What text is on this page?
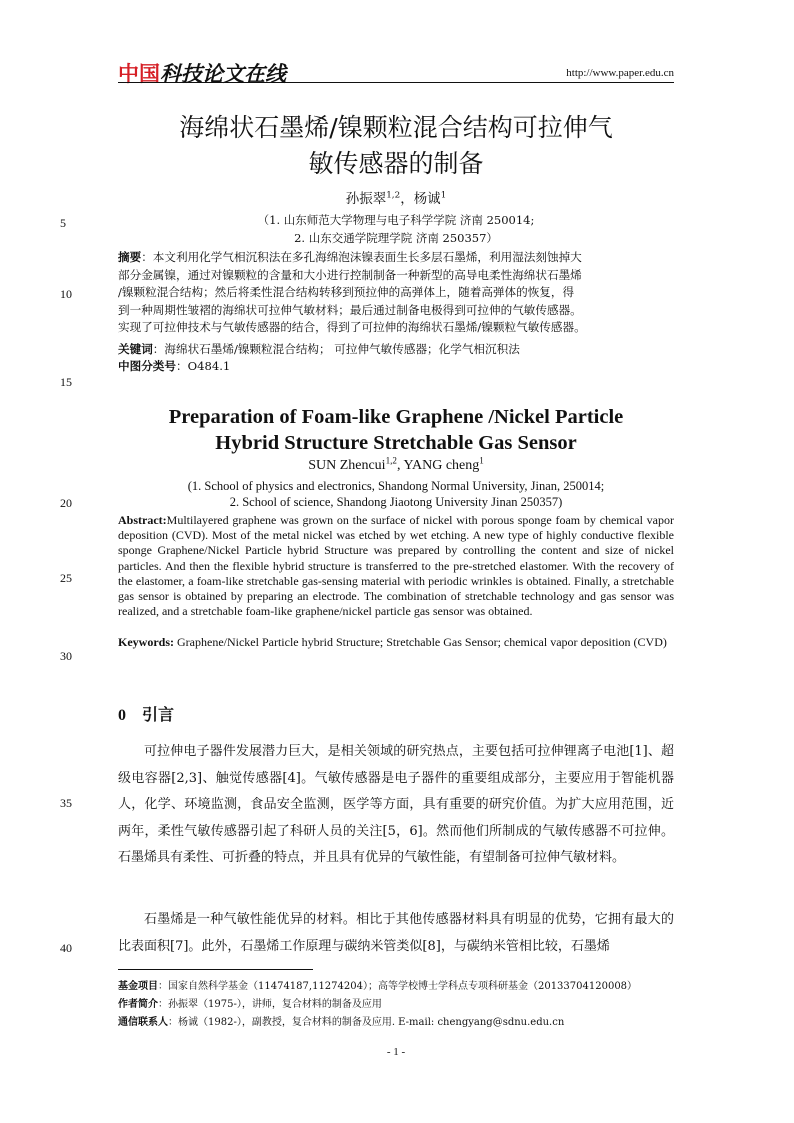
中国科技论文在线	http://www.paper.edu.cn
海绵状石墨烯/镍颗粒混合结构可拉伸气
敏传感器的制备
孙振翠$^{1,2}$，杨诚$^1$
（1. 山东师范大学物理与电子科学学院 济南 250014;
2. 山东交通学院理学院 济南 250357）
5
10
15
20
25
30
35
40
摘要：本文利用化学气相沉积法在多孔海绵泡沫镍表面生长多层石墨烯，利用湿法刻蚀掉大
部分金属镍，通过对镍颗粒的含量和大小进行控制制备一种新型的高导电柔性海绵状石墨烯
/镍颗粒混合结构；然后将柔性混合结构转移到预拉伸的高弹体上，随着高弹体的恢复，得
到一种周期性皱褶的海绵状可拉伸气敏材料；最后通过制备电极得到可拉伸的气敏传感器。
实现了可拉伸技术与气敏传感器的结合，得到了可拉伸的海绵状石墨烯/镍颗粒气敏传感器。
关键词：海绵状石墨烯/镍颗粒混合结构； 可拉伸气敏传感器；化学气相沉积法
中图分类号：O484.1
Preparation of Foam-like Graphene /Nickel Particle
Hybrid Structure Stretchable Gas Sensor
SUN Zhencui$^{1,2}$, YANG cheng$^1$
(1. School of physics and electronics, Shandong Normal University, Jinan, 250014;
2. School of science, Shandong Jiaotong University Jinan 250357)
Abstract:Multilayered graphene was grown on the surface of nickel with porous sponge foam by chemical vapor deposition (CVD). Most of the metal nickel was etched by wet etching. A new type of highly conductive flexible sponge Graphene/Nickel Particle hybrid Structure was prepared by controlling the content and size of nickel particles. And then the flexible hybrid structure is transferred to the pre-stretched elastomer. With the recovery of the elastomer, a foam-like stretchable gas-sensing material with periodic wrinkles is obtained. Finally, a stretchable gas sensor is obtained by preparing an electrode. The combination of stretchable technology and gas sensor was realized, and a stretchable foam-like graphene/nickel particle gas sensor was obtained.
Keywords: Graphene/Nickel Particle hybrid Structure; Stretchable Gas Sensor; chemical vapor deposition (CVD)
0 引言
可拉伸电子器件发展潜力巨大，是相关领域的研究热点，主要包括可拉伸锂离子电池[1]、超级电容器[2,3]、触觉传感器[4]。气敏传感器是电子器件的重要组成部分，主要应用于智能机器人，化学、环境监测，食品安全监测，医学等方面，具有重要的研究价值。为扩大应用范围，近两年，柔性气敏传感器引起了科研人员的关注[5，6]。然而他们所制成的气敏传感器不可拉伸。石墨烯具有柔性、可折叠的特点，并且具有优异的气敏性能，有望制备可拉伸气敏材料。
石墨烯是一种气敏性能优异的材料。相比于其他传感器材料具有明显的优势，它拥有最大的比表面积[7]。此外，石墨烯工作原理与碳纳米管类似[8]，与碳纳米管相比较，石墨烯
基金项目：国家自然科学基金（11474187,11274204）；高等学校博士学科点专项科研基金（20133704120008）
作者简介：孙振翠（1975-），讲师，复合材料的制备及应用
通信联系人：杨诚（1982-），副教授，复合材料的制备及应用. E-mail: chengyang@sdnu.edu.cn
- 1 -
